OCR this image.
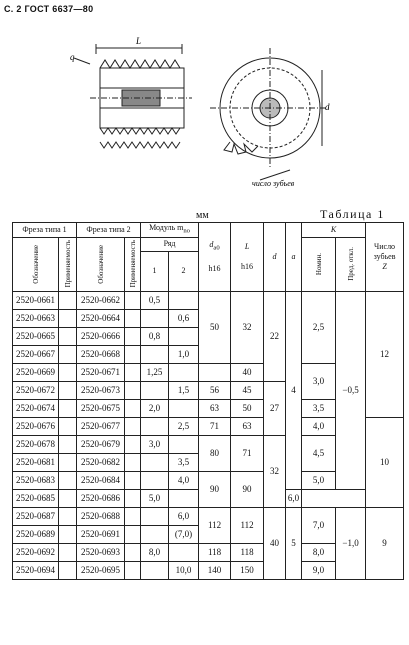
С. 2 ГОСТ 6637—80
q
L
d
число зубьев
мм	Таблица 1
Фреза типа 1		Фреза типа 2		Модуль $m_{no}$		$d_{a0}$

h16	L

h16	d	a	K		Число зубьев
Z

Обозначение	Применяемость	Обозначение	Применяемость	Ряд						Номин.	Пред. откл.	

				1	2							
2520-0661		2520-0662		0,5		50	32	22	4	2,5	−0,5	12
2520-0663		2520-0664			0,6							
2520-0665		2520-0666		0,8								
2520-0667		2520-0668			1,0							
2520-0669		2520-0671		1,25			40			3,0		
2520-0672		2520-0673			1,5	56	45	27				
2520-0674		2520-0675		2,0		63	50			3,5		
2520-0676		2520-0677			2,5	71	63			4,0		10
2520-0678		2520-0679		3,0		80	71	32		4,5		
2520-0681		2520-0682			3,5							
2520-0683		2520-0684			4,0	90	90			5,0		
2520-0685		2520-0686		5,0					6,0			
2520-0687		2520-0688			6,0	112	112	40	5	7,0	−1,0	9
2520-0689		2520-0691			(7,0)							
2520-0692		2520-0693		8,0		118	118			8,0		
2520-0694		2520-0695			10,0	140	150			9,0		
